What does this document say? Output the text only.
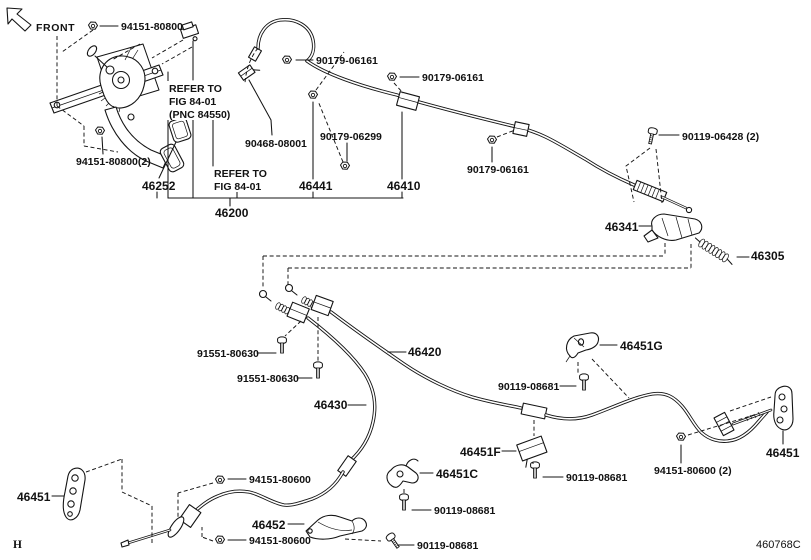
FRONT
REFER TO
FIG 84-01
(PNC 84550)
REFER TO
FIG 84-01
94151-80800
94151-80800(2)
46252
90468-08001
46441	46410
46200
90179-06161
90179-06161
90179-06161
90179-06299	90119-06428 (2)
46341
46305
91551-80630
91551-80630
46420
46430
46451G
90119-08681
46451F
90119-08681
94151-80600 (2)
46451
46451
94151-80600
46452
94151-80600
46451C
90119-08681
90119-08681
H	460768C
